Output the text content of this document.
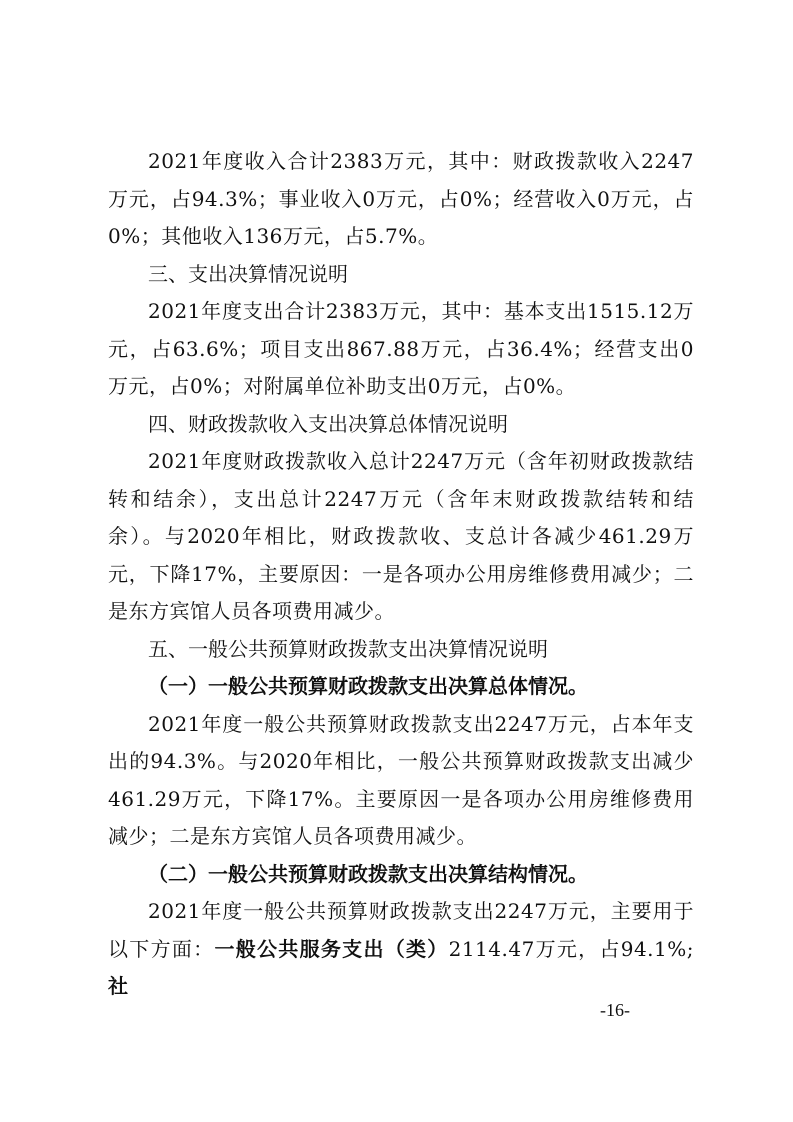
2021年度收入合计2383万元，其中：财政拨款收入2247万元，占94.3%；事业收入0万元，占0%；经营收入0万元，占0%；其他收入136万元，占5.7%。

三、支出决算情况说明

2021年度支出合计2383万元，其中：基本支出1515.12万元，占63.6%；项目支出867.88万元，占36.4%；经营支出0万元，占0%；对附属单位补助支出0万元，占0%。

四、财政拨款收入支出决算总体情况说明

2021年度财政拨款收入总计2247万元（含年初财政拨款结转和结余），支出总计2247万元（含年末财政拨款结转和结余）。与2020年相比，财政拨款收、支总计各减少461.29万元，下降17%，主要原因：一是各项办公用房维修费用减少；二是东方宾馆人员各项费用减少。

五、一般公共预算财政拨款支出决算情况说明

（一）一般公共预算财政拨款支出决算总体情况。

2021年度一般公共预算财政拨款支出2247万元，占本年支出的94.3%。与2020年相比，一般公共预算财政拨款支出减少461.29万元，下降17%。主要原因一是各项办公用房维修费用减少；二是东方宾馆人员各项费用减少。

（二）一般公共预算财政拨款支出决算结构情况。

2021年度一般公共预算财政拨款支出2247万元，主要用于以下方面：一般公共服务支出（类）2114.47万元，占94.1%;社

-16-
